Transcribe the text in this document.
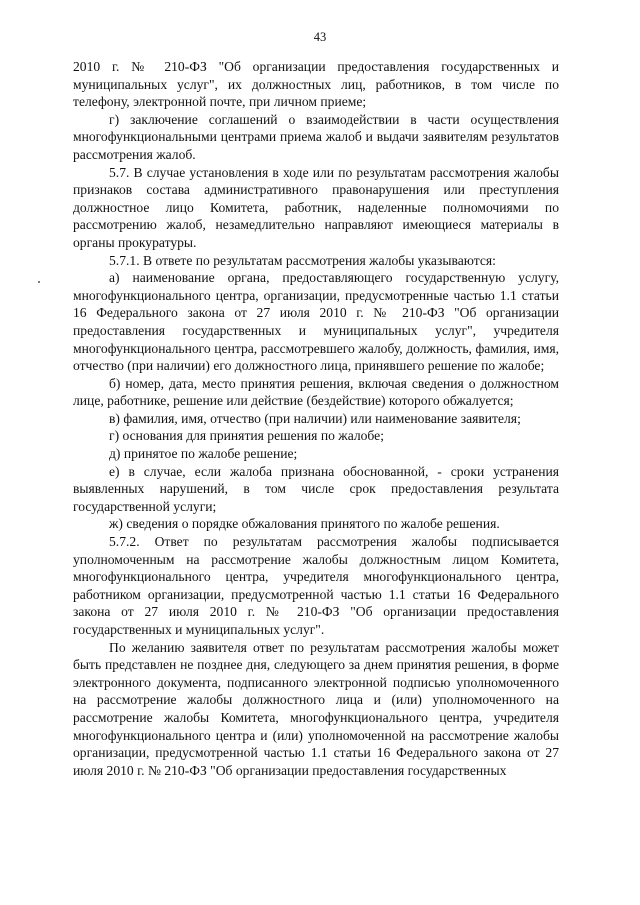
43

2010 г. № 210-ФЗ "Об организации предоставления государственных и муниципальных услуг", их должностных лиц, работников, в том числе по телефону, электронной почте, при личном приеме;

г) заключение соглашений о взаимодействии в части осуществления многофункциональными центрами приема жалоб и выдачи заявителям результатов рассмотрения жалоб.

5.7. В случае установления в ходе или по результатам рассмотрения жалобы признаков состава административного правонарушения или преступления должностное лицо Комитета, работник, наделенные полномочиями по рассмотрению жалоб, незамедлительно направляют имеющиеся материалы в органы прокуратуры.

5.7.1. В ответе по результатам рассмотрения жалобы указываются:

а) наименование органа, предоставляющего государственную услугу, многофункционального центра, организации, предусмотренные частью 1.1 статьи 16 Федерального закона от 27 июля 2010 г. № 210-ФЗ "Об организации предоставления государственных и муниципальных услуг", учредителя многофункционального центра, рассмотревшего жалобу, должность, фамилия, имя, отчество (при наличии) его должностного лица, принявшего решение по жалобе;

б) номер, дата, место принятия решения, включая сведения о должностном лице, работнике, решение или действие (бездействие) которого обжалуется;

в) фамилия, имя, отчество (при наличии) или наименование заявителя;

г) основания для принятия решения по жалобе;

д) принятое по жалобе решение;

е) в случае, если жалоба признана обоснованной, - сроки устранения выявленных нарушений, в том числе срок предоставления результата государственной услуги;

ж) сведения о порядке обжалования принятого по жалобе решения.

5.7.2. Ответ по результатам рассмотрения жалобы подписывается уполномоченным на рассмотрение жалобы должностным лицом Комитета, многофункционального центра, учредителя многофункционального центра, работником организации, предусмотренной частью 1.1 статьи 16 Федерального закона от 27 июля 2010 г. № 210-ФЗ "Об организации предоставления государственных и муниципальных услуг".

По желанию заявителя ответ по результатам рассмотрения жалобы может быть представлен не позднее дня, следующего за днем принятия решения, в форме электронного документа, подписанного электронной подписью уполномоченного на рассмотрение жалобы должностного лица и (или) уполномоченного на рассмотрение жалобы Комитета, многофункционального центра, учредителя многофункционального центра и (или) уполномоченной на рассмотрение жалобы организации, предусмотренной частью 1.1 статьи 16 Федерального закона от 27 июля 2010 г. № 210-ФЗ "Об организации предоставления государственных
